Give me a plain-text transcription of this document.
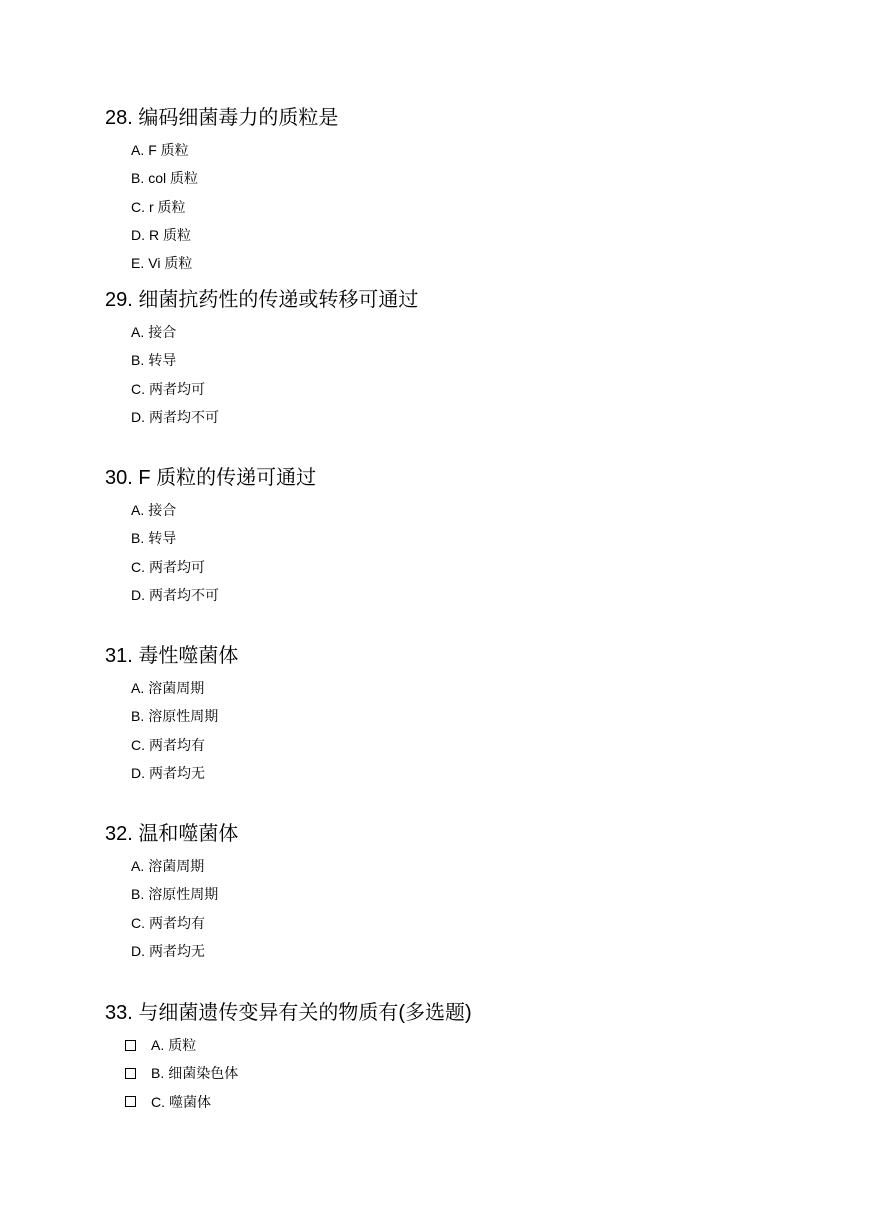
28. 编码细菌毒力的质粒是
A. F 质粒
B. col 质粒
C. r 质粒
D. R 质粒
E. Vi 质粒
29. 细菌抗药性的传递或转移可通过
A. 接合
B. 转导
C. 两者均可
D. 两者均不可
30. F 质粒的传递可通过
A. 接合
B. 转导
C. 两者均可
D. 两者均不可
31. 毒性噬菌体
A. 溶菌周期
B. 溶原性周期
C. 两者均有
D. 两者均无
32. 温和噬菌体
A. 溶菌周期
B. 溶原性周期
C. 两者均有
D. 两者均无
33. 与细菌遗传变异有关的物质有(多选题)
A. 质粒
B. 细菌染色体
C. 噬菌体
